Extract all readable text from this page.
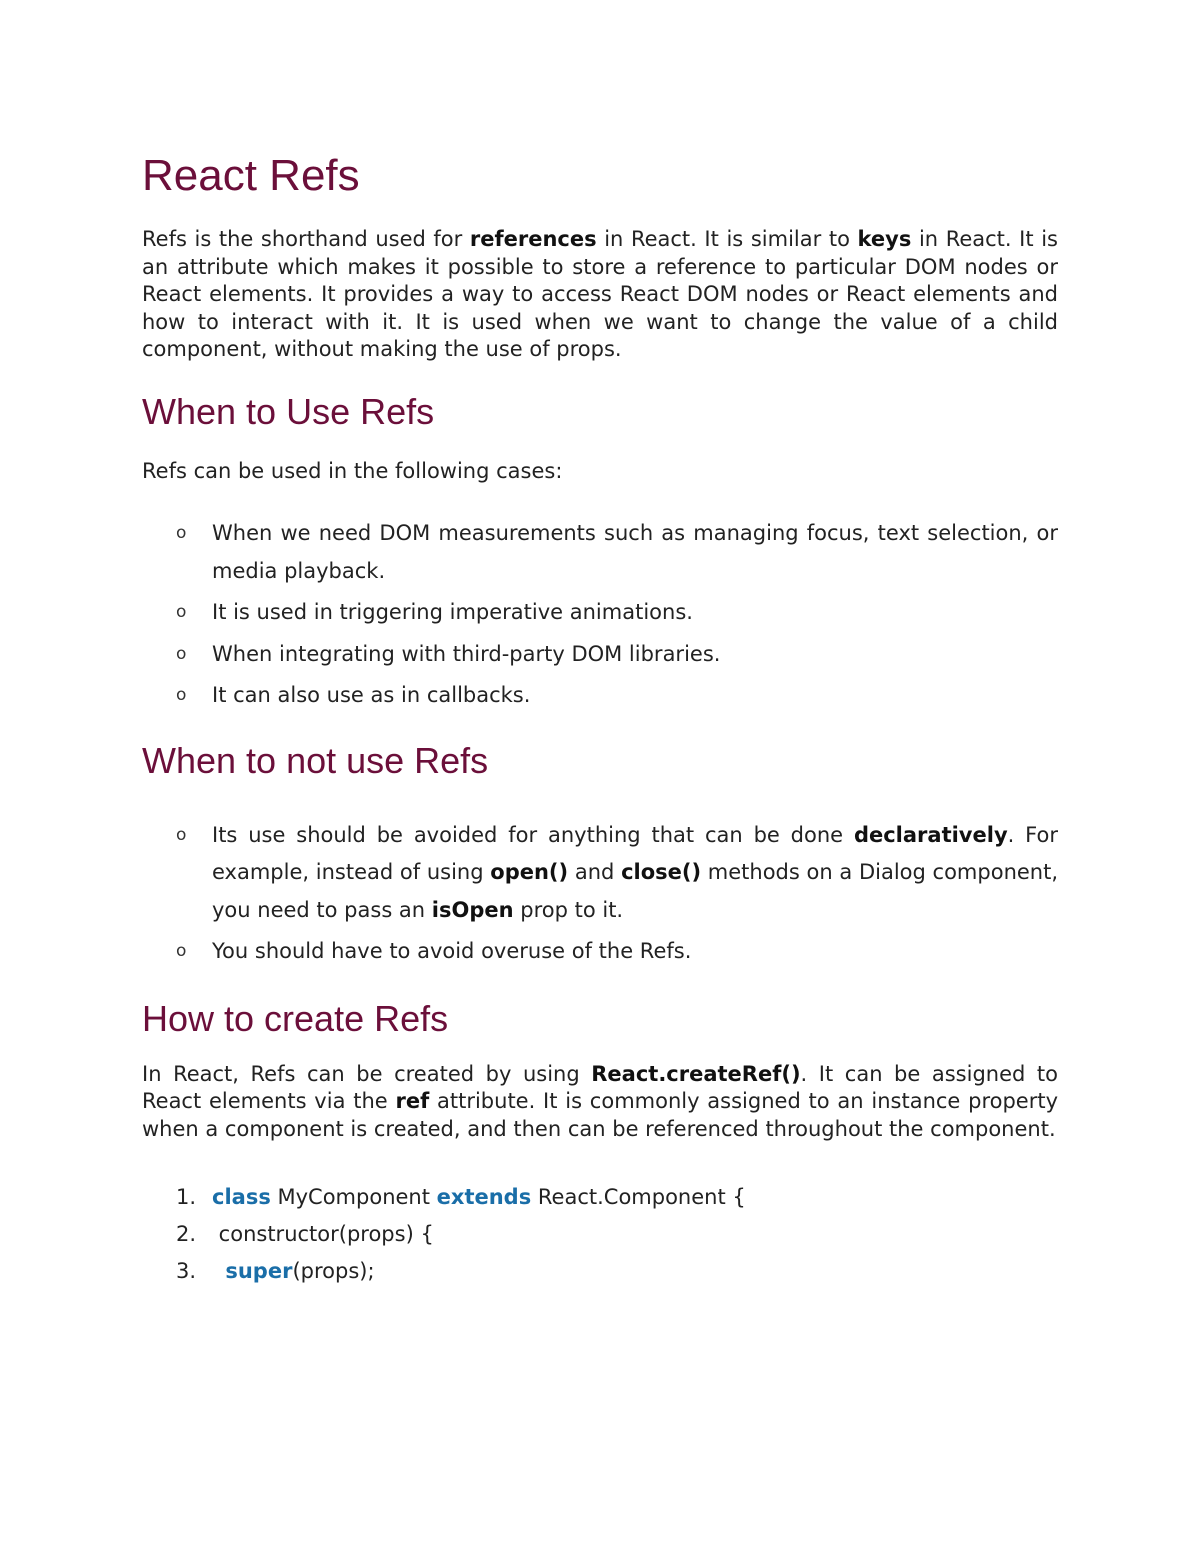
React Refs

Refs is the shorthand used for references in React. It is similar to keys in React. It is an attribute which makes it possible to store a reference to particular DOM nodes or React elements. It provides a way to access React DOM nodes or React elements and how to interact with it. It is used when we want to change the value of a child component, without making the use of props.

When to Use Refs

Refs can be used in the following cases:

o When we need DOM measurements such as managing focus, text selection, or media playback.
o It is used in triggering imperative animations.
o When integrating with third-party DOM libraries.
o It can also use as in callbacks.
When to not use Refs
o Its use should be avoided for anything that can be done declaratively. For example, instead of using open() and close() methods on a Dialog component, you need to pass an isOpen prop to it.
o You should have to avoid overuse of the Refs.
How to create Refs

In React, Refs can be created by using React.createRef(). It can be assigned to React elements via the ref attribute. It is commonly assigned to an instance property when a component is created, and then can be referenced throughout the component.

1. class MyComponent extends React.Component {
2. constructor(props) {
3. super(props);
